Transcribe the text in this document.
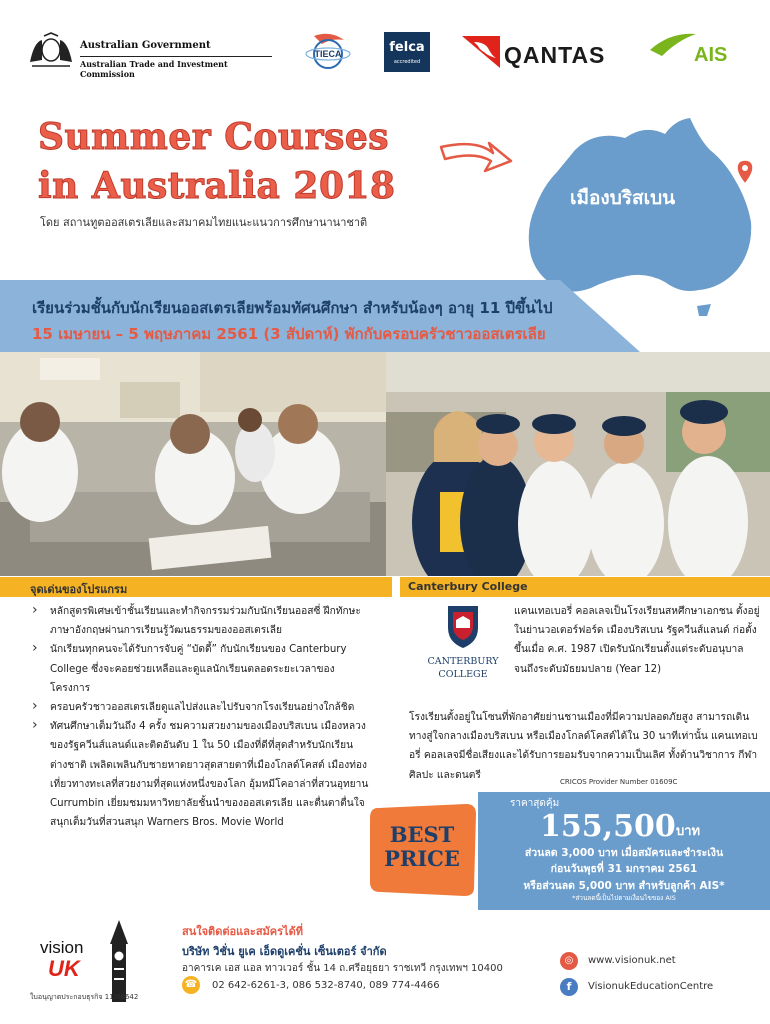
Australian Government
Australian Trade and Investment Commission
TIECA	felca
accredited	QANTAS	AIS
Summer Courses
in Australia 2018
โดย สถานทูตออสเตรเลียและสมาคมไทยแนะแนวการศึกษานานาชาติ
เมืองบริสเบน
เรียนร่วมชั้นกับนักเรียนออสเตรเลียพร้อมทัศนศึกษา สำหรับน้องๆ อายุ 11 ปีขึ้นไป
15 เมษายน – 5 พฤษภาคม 2561 (3 สัปดาห์) พักกับครอบครัวชาวออสเตรเลีย
จุดเด่นของโปรแกรม	Canterbury College
› หลักสูตรพิเศษเข้าชั้นเรียนและทำกิจกรรมร่วมกับนักเรียนออสซี่ ฝึกทักษะภาษาอังกฤษผ่านการเรียนรู้วัฒนธรรมของออสเตรเลีย
› นักเรียนทุกคนจะได้รับการจับคู่ “บัดดี้” กับนักเรียนของ Canterbury College ซึ่งจะคอยช่วยเหลือและดูแลนักเรียนตลอดระยะเวลาของโครงการ
› ครอบครัวชาวออสเตรเลียดูแลไปส่งและไปรับจากโรงเรียนอย่างใกล้ชิด
› ทัศนศึกษาเต็มวันถึง 4 ครั้ง ชมความสวยงามของเมืองบริสเบน เมืองหลวงของรัฐควีนส์แลนด์และติดอันดับ 1 ใน 50 เมืองที่ดีที่สุดสำหรับนักเรียนต่างชาติ เพลิดเพลินกับชายหาดยาวสุดสายตาที่เมืองโกลด์โคสต์ เมืองท่องเที่ยวทางทะเลที่สวยงามที่สุดแห่งหนึ่งของโลก อุ้มหมีโคอาล่าที่สวนอุทยาน Currumbin เยี่ยมชมมหาวิทยาลัยชั้นนำของออสเตรเลีย และตื่นตาตื่นใจสนุกเต็มวันที่สวนสนุก Warners Bros. Movie World
CANTERBURY
COLLEGE
แคนเทอเบอรี่ คอลเลจเป็นโรงเรียนสหศึกษาเอกชน ตั้งอยู่ในย่านวอเตอร์ฟอร์ด เมืองบริสเบน รัฐควีนส์แลนด์ ก่อตั้งขึ้นเมื่อ ค.ศ. 1987 เปิดรับนักเรียนตั้งแต่ระดับอนุบาลจนถึงระดับมัธยมปลาย (Year 12)
โรงเรียนตั้งอยู่ในโซนที่พักอาศัยย่านชานเมืองที่มีความปลอดภัยสูง สามารถเดินทางสู่ใจกลางเมืองบริสเบน หรือเมืองโกลด์โคสต์ได้ใน 30 นาทีเท่านั้น แคนเทอเบอรี่ คอลเลจมีชื่อเสียงและได้รับการยอมรับจากความเป็นเลิศ ทั้งด้านวิชาการ กีฬา ศิลปะ และดนตรี
CRICOS Provider Number 01609C
BEST
PRICE
ราคาสุดคุ้ม
155,500 บาท
ส่วนลด 3,000 บาท เมื่อสมัครและชำระเงิน
ก่อนวันพุธที่ 31 มกราคม 2561
หรือส่วนลด 5,000 บาท สำหรับลูกค้า AIS*
*ส่วนลดนี้เป็นไปตามเงื่อนไขของ AIS
vision
UK
ใบอนุญาตประกอบธุรกิจ 11/08642
สนใจติดต่อและสมัครได้ที่
บริษัท วิชั่น ยูเค เอ็ดดูเคชั่น เซ็นเตอร์ จำกัด
อาคารเค เอส แอล ทาวเวอร์ ชั้น 14 ถ.ศรีอยุธยา ราชเทวี กรุงเทพฯ 10400
☎ 02 642-6261-3, 086 532-8740, 089 774-4466
◎	www.visionuk.net
f	VisionukEducationCentre
